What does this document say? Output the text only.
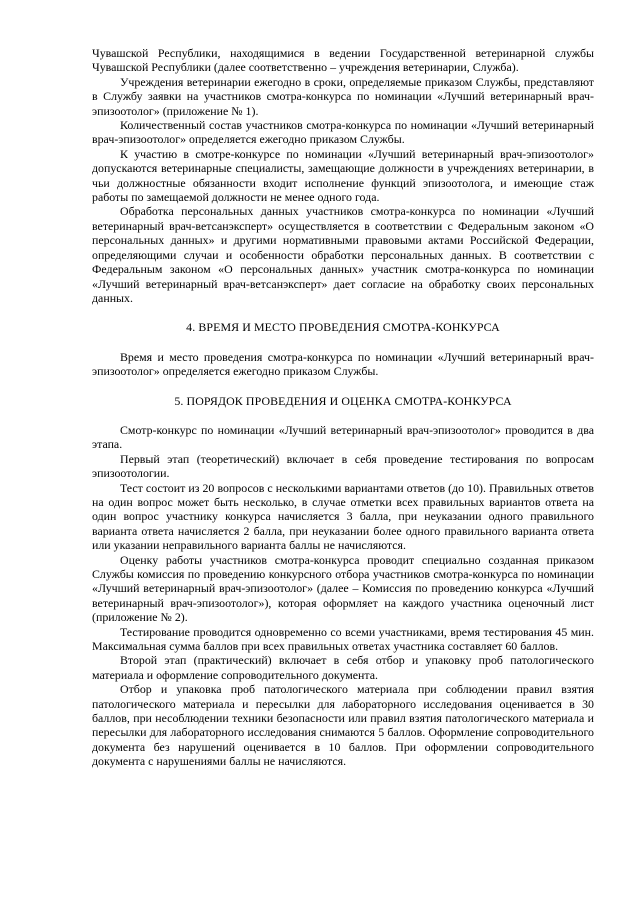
Чувашской Республики, находящимися в ведении Государственной ветеринарной службы Чувашской Республики (далее соответственно – учреждения ветеринарии, Служба).

Учреждения ветеринарии ежегодно в сроки, определяемые приказом Службы, представляют в Службу заявки на участников смотра-конкурса по номинации «Лучший ветеринарный врач-эпизоотолог» (приложение № 1).

Количественный состав участников смотра-конкурса по номинации «Лучший ветеринарный врач-эпизоотолог» определяется ежегодно приказом Службы.

К участию в смотре-конкурсе по номинации «Лучший ветеринарный врач-эпизоотолог» допускаются ветеринарные специалисты, замещающие должности в учреждениях ветеринарии, в чьи должностные обязанности входит исполнение функций эпизоотолога, и имеющие стаж работы по замещаемой должности не менее одного года.

Обработка персональных данных участников смотра-конкурса по номинации «Лучший ветеринарный врач-ветсанэксперт» осуществляется в соответствии с Федеральным законом «О персональных данных» и другими нормативными правовыми актами Российской Федерации, определяющими случаи и особенности обработки персональных данных. В соответствии с Федеральным законом «О персональных данных» участник смотра-конкурса по номинации «Лучший ветеринарный врач-ветсанэксперт» дает согласие на обработку своих персональных данных.

4. ВРЕМЯ И МЕСТО ПРОВЕДЕНИЯ СМОТРА-КОНКУРСА

Время и место проведения смотра-конкурса по номинации «Лучший ветеринарный врач-эпизоотолог» определяется ежегодно приказом Службы.

5. ПОРЯДОК ПРОВЕДЕНИЯ И ОЦЕНКА СМОТРА-КОНКУРСА

Смотр-конкурс по номинации «Лучший ветеринарный врач-эпизоотолог» проводится в два этапа.

Первый этап (теоретический) включает в себя проведение тестирования по вопросам эпизоотологии.

Тест состоит из 20 вопросов с несколькими вариантами ответов (до 10). Правильных ответов на один вопрос может быть несколько, в случае отметки всех правильных вариантов ответа на один вопрос участнику конкурса начисляется 3 балла, при неуказании одного правильного варианта ответа начисляется 2 балла, при неуказании более одного правильного варианта ответа или указании неправильного варианта баллы не начисляются.

Оценку работы участников смотра-конкурса проводит специально созданная приказом Службы комиссия по проведению конкурсного отбора участников смотра-конкурса по номинации «Лучший ветеринарный врач-эпизоотолог» (далее – Комиссия по проведению конкурса «Лучший ветеринарный врач-эпизоотолог»), которая оформляет на каждого участника оценочный лист (приложение № 2).

Тестирование проводится одновременно со всеми участниками, время тестирования 45 мин. Максимальная сумма баллов при всех правильных ответах участника составляет 60 баллов.

Второй этап (практический) включает в себя отбор и упаковку проб патологического материала и оформление сопроводительного документа.

Отбор и упаковка проб патологического материала при соблюдении правил взятия патологического материала и пересылки для лабораторного исследования оценивается в 30 баллов, при несоблюдении техники безопасности или правил взятия патологического материала и пересылки для лабораторного исследования снимаются 5 баллов. Оформление сопроводительного документа без нарушений оценивается в 10 баллов. При оформлении сопроводительного документа с нарушениями баллы не начисляются.
